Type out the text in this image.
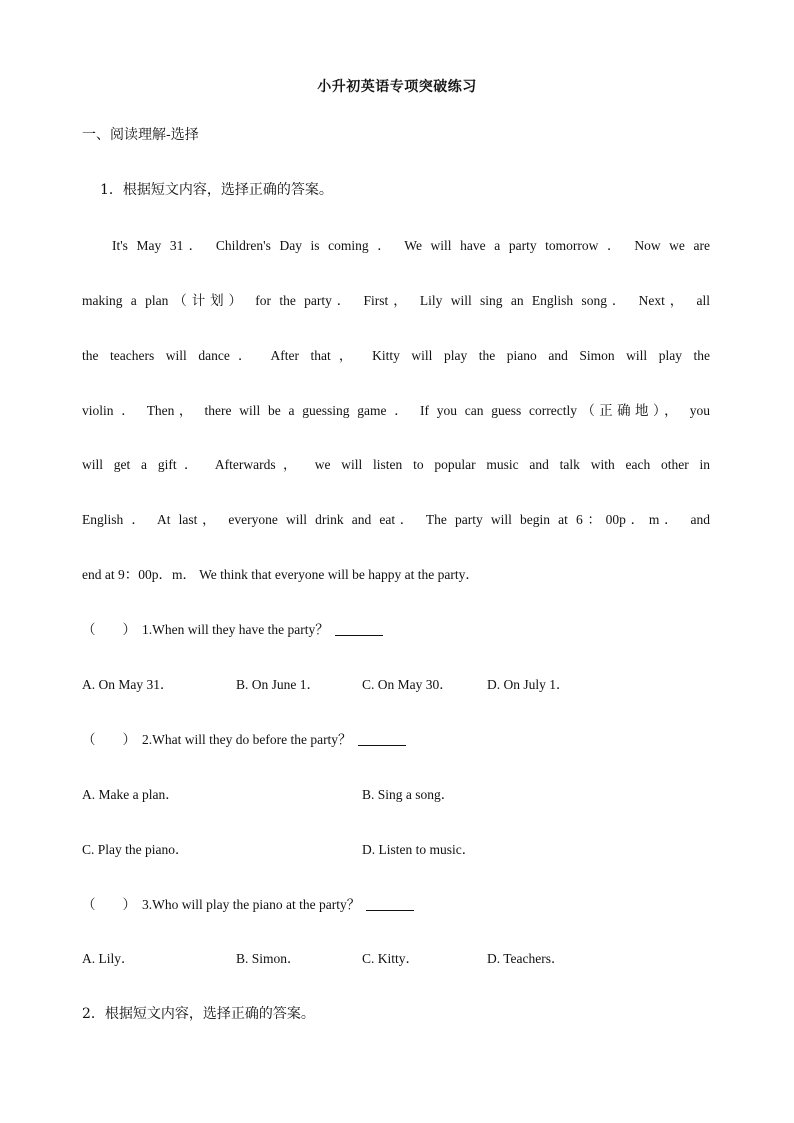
小升初英语专项突破练习
一、阅读理解-选择
1．根据短文内容，选择正确的答案。
It's May 31． Children's Day is coming ． We will have a party tomorrow ． Now we are
making a plan（计划） for the party． First， Lily will sing an English song． Next， all
the teachers will dance． After that， Kitty will play the piano and Simon will play the
violin ． Then， there will be a guessing game ． If you can guess correctly（正确地）， you
will get a gift． Afterwards， we will listen to popular music and talk with each other in
English ． At last， everyone will drink and eat． The party will begin at 6：00p．m． and
end at 9：00p．m． We think that everyone will be happy at the party．
（　　） 1.When will they have the party？
A. On May 31．	B. On June 1．	C. On May 30．	D. On July 1．
（　　） 2.What will they do before the party？
A. Make a plan．	B. Sing a song．
C. Play the piano．	D. Listen to music．
（　　） 3.Who will play the piano at the party？
A. Lily．	B. Simon．	C. Kitty．	D. Teachers．
2．根据短文内容，选择正确的答案。
